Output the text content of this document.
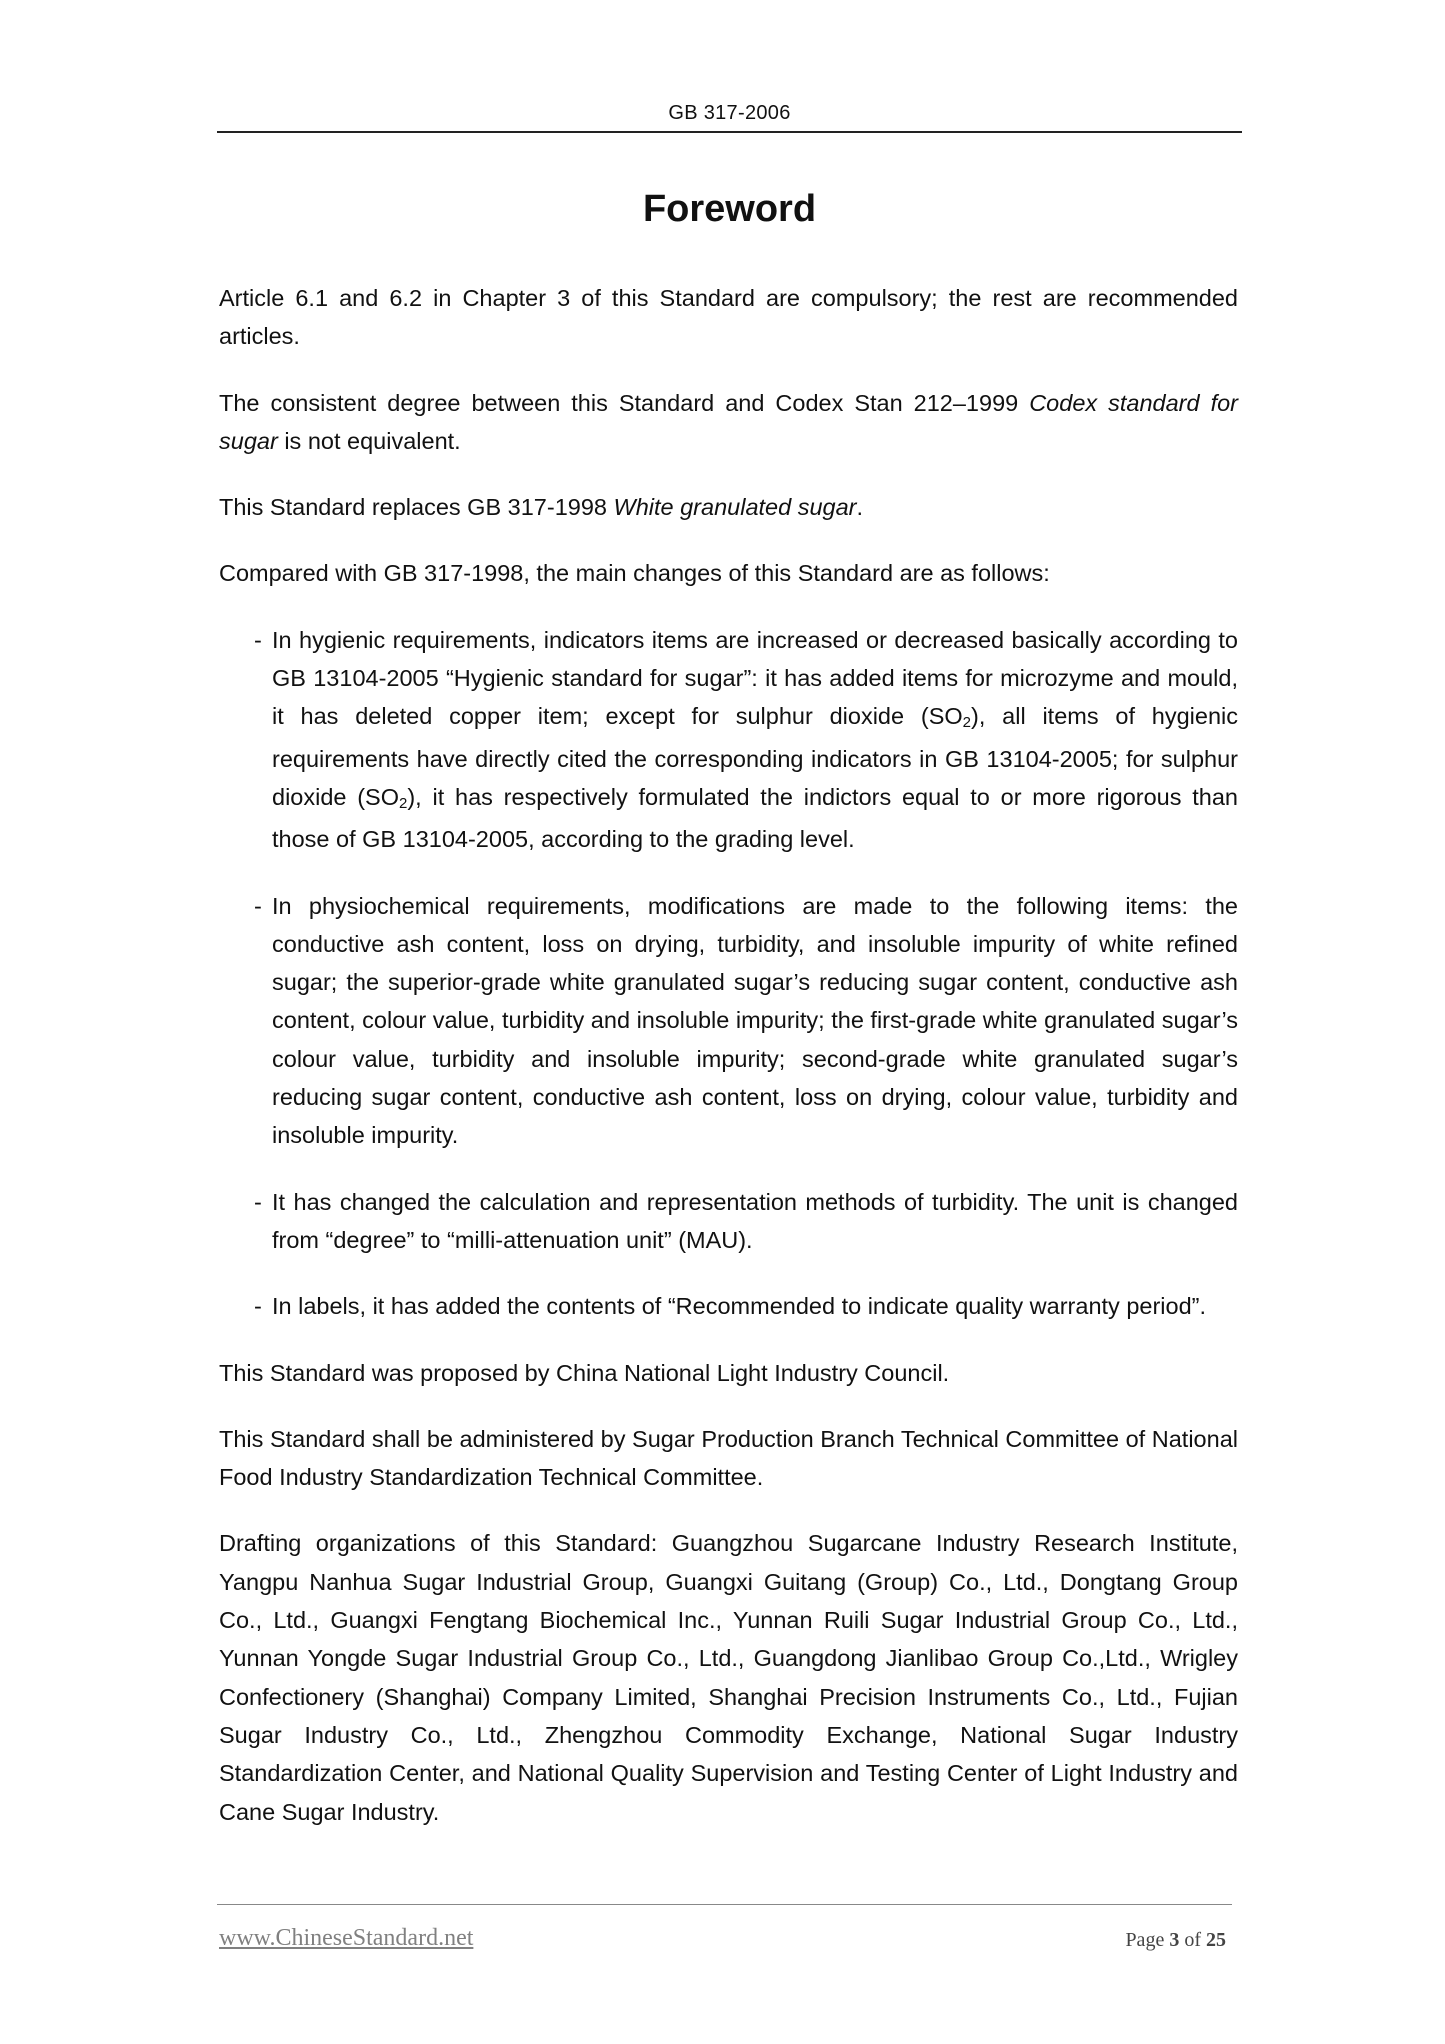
GB 317-2006
Foreword

Article 6.1 and 6.2 in Chapter 3 of this Standard are compulsory; the rest are recommended articles.

The consistent degree between this Standard and Codex Stan 212–1999 Codex standard for sugar is not equivalent.

This Standard replaces GB 317-1998 White granulated sugar.

Compared with GB 317-1998, the main changes of this Standard are as follows:

- In hygienic requirements, indicators items are increased or decreased basically according to GB 13104-2005 “Hygienic standard for sugar”: it has added items for microzyme and mould, it has deleted copper item; except for sulphur dioxide $(SO_2)$, all items of hygienic requirements have directly cited the corresponding indicators in GB 13104-2005; for sulphur dioxide $(SO_2)$, it has respectively formulated the indictors equal to or more rigorous than those of GB 13104-2005, according to the grading level.
- In physiochemical requirements, modifications are made to the following items: the conductive ash content, loss on drying, turbidity, and insoluble impurity of white refined sugar; the superior-grade white granulated sugar’s reducing sugar content, conductive ash content, colour value, turbidity and insoluble impurity; the first-grade white granulated sugar’s colour value, turbidity and insoluble impurity; second-grade white granulated sugar’s reducing sugar content, conductive ash content, loss on drying, colour value, turbidity and insoluble impurity.
- It has changed the calculation and representation methods of turbidity. The unit is changed from “degree” to “milli-attenuation unit” (MAU).
- In labels, it has added the contents of “Recommended to indicate quality warranty period”.

This Standard was proposed by China National Light Industry Council.

This Standard shall be administered by Sugar Production Branch Technical Committee of National Food Industry Standardization Technical Committee.

Drafting organizations of this Standard: Guangzhou Sugarcane Industry Research Institute, Yangpu Nanhua Sugar Industrial Group, Guangxi Guitang (Group) Co., Ltd., Dongtang Group Co., Ltd., Guangxi Fengtang Biochemical Inc., Yunnan Ruili Sugar Industrial Group Co., Ltd., Yunnan Yongde Sugar Industrial Group Co., Ltd., Guangdong Jianlibao Group Co.,Ltd., Wrigley Confectionery (Shanghai) Company Limited, Shanghai Precision Instruments Co., Ltd., Fujian Sugar Industry Co., Ltd., Zhengzhou Commodity Exchange, National Sugar Industry Standardization Center, and National Quality Supervision and Testing Center of Light Industry and Cane Sugar Industry.

www.ChineseStandard.net	Page 3 of 25
